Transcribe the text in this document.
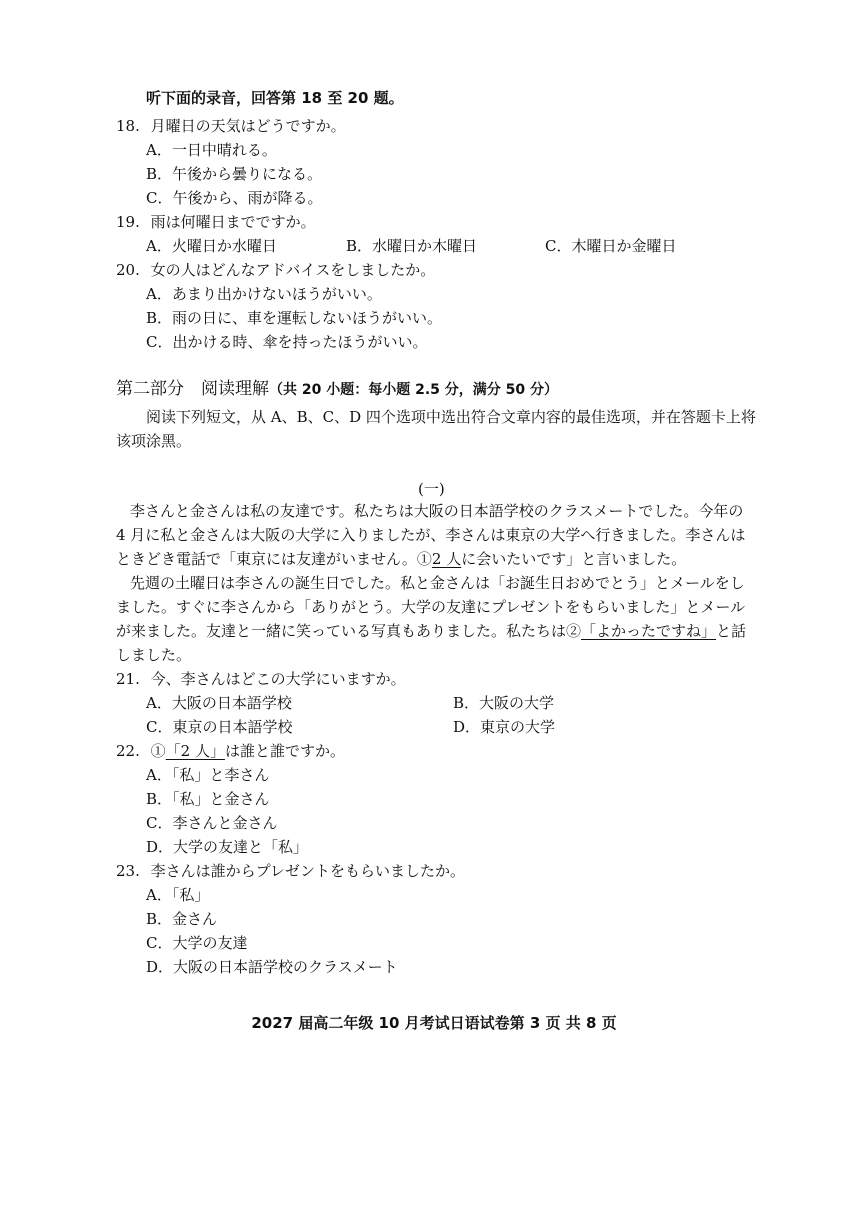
听下面的录音，回答第 18 至 20 题。
18. 月曜日の天気はどうですか。
A．一日中晴れる。
B．午後から曇りになる。
C．午後から、雨が降る。
19. 雨は何曜日までですか。
A．火曜日か水曜日	B．水曜日か木曜日	C．木曜日か金曜日
20. 女の人はどんなアドバイスをしましたか。
A．あまり出かけないほうがいい。
B．雨の日に、車を運転しないほうがいい。
C．出かける時、傘を持ったほうがいい。
第二部分　阅读理解（共 20 小题：每小题 2.5 分，满分 50 分）
阅读下列短文，从 A、B、C、D 四个选项中选出符合文章内容的最佳选项，并在答题卡上将
该项涂黑。
(一)
李さんと金さんは私の友達です。私たちは大阪の日本語学校のクラスメートでした。今年の
4 月に私と金さんは大阪の大学に入りましたが、李さんは東京の大学へ行きました。李さんは
ときどき電話で「東京には友達がいません。①2 人に会いたいです」と言いました。
先週の土曜日は李さんの誕生日でした。私と金さんは「お誕生日おめでとう」とメールをし
ました。すぐに李さんから「ありがとう。大学の友達にプレゼントをもらいました」とメール
が来ました。友達と一緒に笑っている写真もありました。私たちは②「よかったですね」と話
しました。
21. 今、李さんはどこの大学にいますか。
A．大阪の日本語学校	B．大阪の大学
C．東京の日本語学校	D．東京の大学
22. ①「2 人」は誰と誰ですか。
A．「私」と李さん
B．「私」と金さん
C．李さんと金さん
D．大学の友達と「私」
23. 李さんは誰からプレゼントをもらいましたか。
A．「私」
B．金さん
C．大学の友達
D．大阪の日本語学校のクラスメート
2027 届高二年级 10 月考试日语试卷第 3 页 共 8 页
